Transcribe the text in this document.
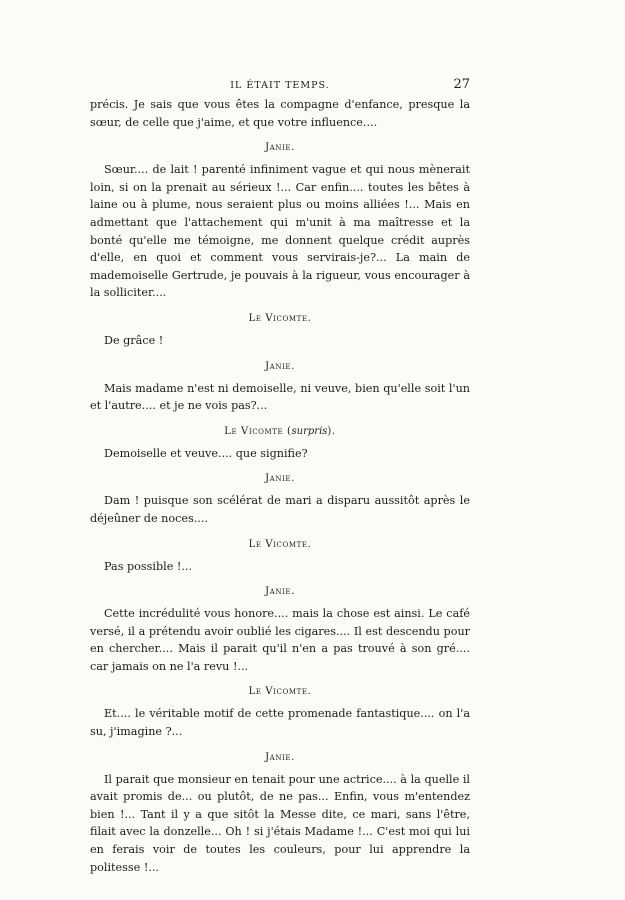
IL ÉTAIT TEMPS.	27

précis. Je sais que vous êtes la compagne d'enfance, presque la sœur, de celle que j'aime, et que votre influence....

Janie.

Sœur.... de lait ! parenté infiniment vague et qui nous mènerait loin, si on la prenait au sérieux !... Car enfin.... toutes les bêtes à laine ou à plume, nous seraient plus ou moins alliées !... Mais en admettant que l'attachement qui m'unit à ma maîtresse et la bonté qu'elle me témoigne, me donnent quelque crédit auprès d'elle, en quoi et comment vous servirais-je?... La main de mademoiselle Gertrude, je pouvais à la rigueur, vous encourager à la solliciter....

Le Vicomte.

De grâce !

Janie.

Mais madame n'est ni demoiselle, ni veuve, bien qu'elle soit l'un et l'autre.... et je ne vois pas?...

Le Vicomte (surpris).

Demoiselle et veuve.... que signifie?

Janie.

Dam ! puisque son scélérat de mari a disparu aussitôt après le déjeûner de noces....

Le Vicomte.

Pas possible !...

Janie.

Cette incrédulité vous honore.... mais la chose est ainsi. Le café versé, il a prétendu avoir oublié les cigares.... Il est descendu pour en chercher.... Mais il parait qu'il n'en a pas trouvé à son gré.... car jamais on ne l'a revu !...

Le Vicomte.

Et.... le véritable motif de cette promenade fantastique.... on l'a su, j'imagine ?...

Janie.

Il parait que monsieur en tenait pour une actrice.... à la quelle il avait promis de... ou plutôt, de ne pas... Enfin, vous m'entendez bien !... Tant il y a que sitôt la Messe dite, ce mari, sans l'être, filait avec la donzelle... Oh ! si j'étais Madame !... C'est moi qui lui en ferais voir de toutes les couleurs, pour lui apprendre la politesse !...
